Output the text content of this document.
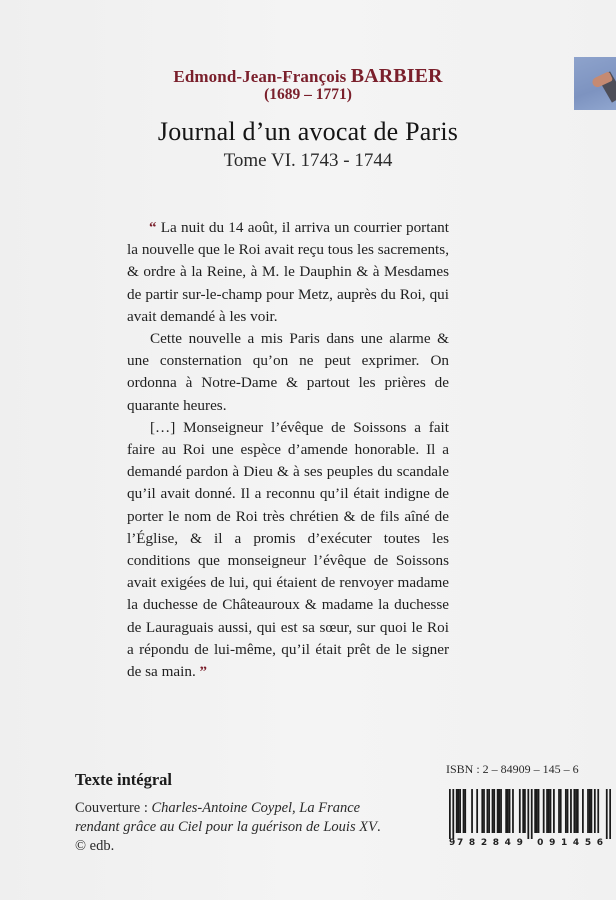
Edmond-Jean-François BARBIER
(1689 – 1771)
Journal d’un avocat de Paris
Tome VI. 1743 - 1744

“ La nuit du 14 août, il arriva un courrier portant la nouvelle que le Roi avait reçu tous les sacrements, & ordre à la Reine, à M. le Dauphin & à Mesdames de partir sur-le-champ pour Metz, auprès du Roi, qui avait demandé à les voir.

Cette nouvelle a mis Paris dans une alarme & une consternation qu’on ne peut exprimer. On ordonna à Notre-Dame & partout les prières de quarante heures.

[…] Monseigneur l’évêque de Soissons a fait faire au Roi une espèce d’amende honorable. Il a demandé pardon à Dieu & à ses peuples du scandale qu’il avait donné. Il a reconnu qu’il était indigne de porter le nom de Roi très chrétien & de fils aîné de l’Église, & il a promis d’exécuter toutes les conditions que monseigneur l’évêque de Soissons avait exigées de lui, qui étaient de renvoyer madame la duchesse de Châteauroux & madame la duchesse de Lauraguais aussi, qui est sa sœur, sur quoi le Roi a répondu de lui-même, qu’il était prêt de le signer de sa main. ”

Texte intégral
Couverture : Charles-Antoine Coypel, La France rendant grâce au Ciel pour la guérison de Louis XV. © edb.
ISBN : 2 – 84909 – 145 – 6
9 7 8 2 8 4 9 0 9 1 4 5 6
